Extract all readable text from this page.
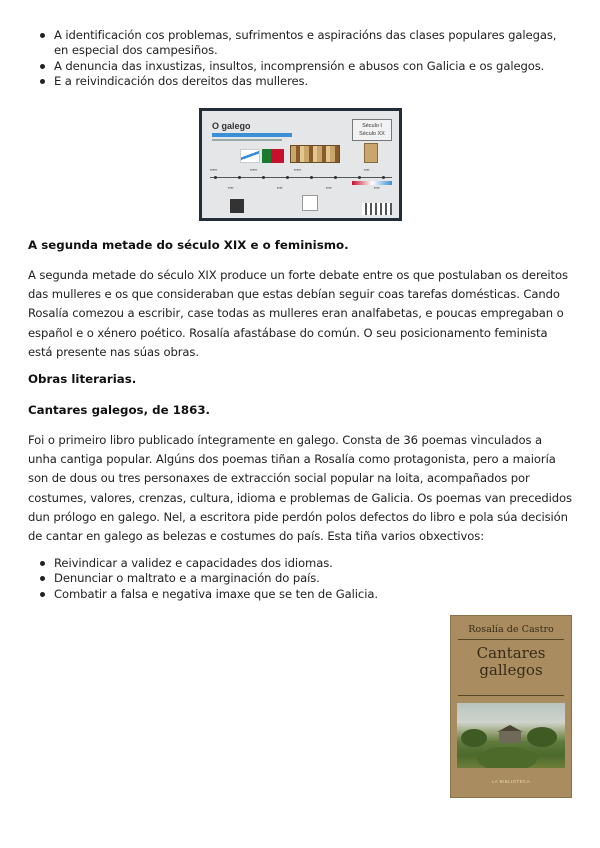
A identificación cos problemas, sufrimentos e aspiracións das clases populares galegas, en especial dos campesiños.
A denuncia das inxustizas, insultos, incomprensión e abusos con Galicia e os galegos.
E a reivindicación dos dereitos das mulleres.
O galego	Século I
Século XX
▪▪▪▪▪	▪▪▪▪▪	▪▪▪▪▪	▪▪▪▪
▪▪▪▪	▪▪▪▪	▪▪▪▪	▪▪▪▪
A segunda metade do século XIX e o feminismo.

A segunda metade do século XIX produce un forte debate entre os que postulaban os dereitos das mulleres e os que consideraban que estas debían seguir coas tarefas domésticas. Cando Rosalía comezou a escribir, case todas as mulleres eran analfabetas, e poucas empregaban o español e o xénero poético. Rosalía afastábase do común. O seu posicionamento feminista está presente nas súas obras.

Obras literarias.
Cantares galegos, de 1863.

Foi o primeiro libro publicado íntegramente en galego. Consta de 36 poemas vinculados a unha cantiga popular. Algúns dos poemas tiñan a Rosalía como protagonista, pero a maioría son de dous ou tres personaxes de extracción social popular na loita, acompañados por costumes, valores, crenzas, cultura, idioma e problemas de Galicia. Os poemas van precedidos dun prólogo en galego. Nel, a escritora pide perdón polos defectos do libro e pola súa decisión de cantar en galego as belezas e costumes do país. Esta tiña varios obxectivos:

Reivindicar a validez e capacidades dos idiomas.
Denunciar o maltrato e a marginación do país.
Combatir a falsa e negativa imaxe que se ten de Galicia.
Rosalía de Castro
Cantares
gallegos
LA BIBLIOTECA
